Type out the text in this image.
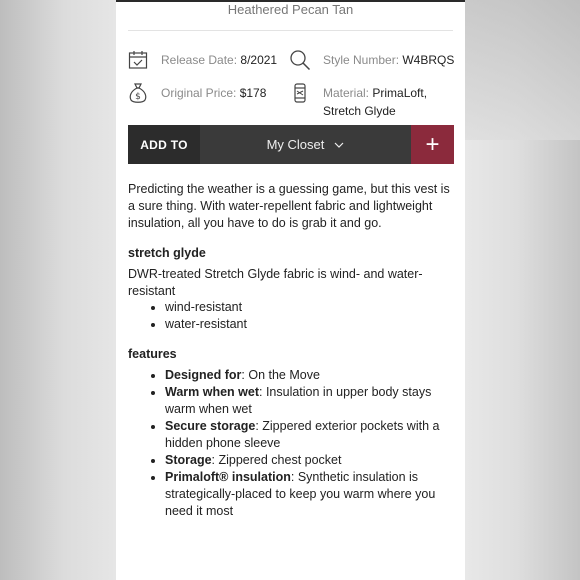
Heathered Pecan Tan
Release Date: 8/2021	Style Number: W4BRQS
$ Original Price: $178	Material: PrimaLoft,
Stretch Glyde
ADD TO	My Closet	+
Predicting the weather is a guessing game, but this vest is a sure thing. With water-repellent fabric and lightweight insulation, all you have to do is grab it and go.
stretch glyde
DWR-treated Stretch Glyde fabric is wind- and water-resistant
wind-resistant
water-resistant
features
Designed for: On the Move
Warm when wet: Insulation in upper body stays warm when wet
Secure storage: Zippered exterior pockets with a hidden phone sleeve
Storage: Zippered chest pocket
Primaloft® insulation: Synthetic insulation is strategically-placed to keep you warm where you need it most
